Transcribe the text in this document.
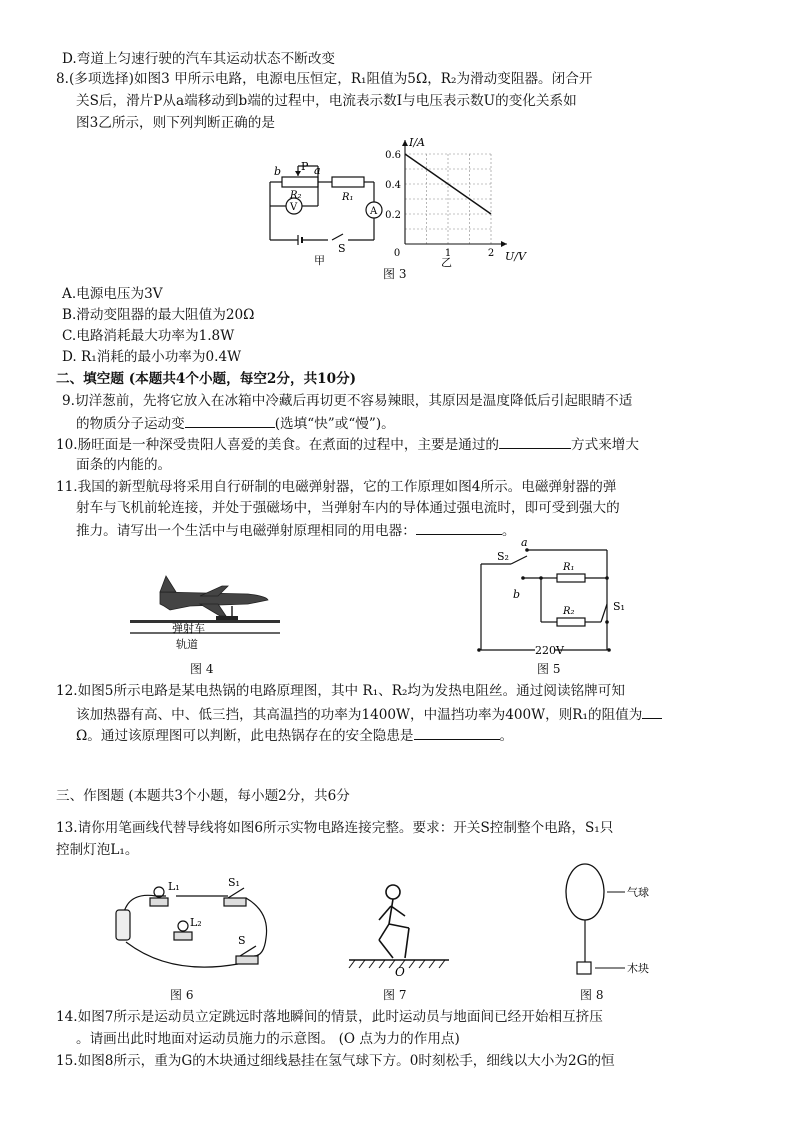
D.弯道上匀速行驶的汽车其运动状态不断改变
8.(多项选择)如图3 甲所示电路，电源电压恒定，R₁阻值为5Ω，R₂为滑动变阻器。闭合开
关S后，滑片P从a端移动到b端的过程中，电流表示数I与电压表示数U的变化关系如
图3乙所示，则下列判断正确的是
P
b	a
R₂	R₁
V	A
S
甲
0.2
0.4
0.6
1	2
0
I/A
U/V
乙
图 3
A.电源电压为3V
B.滑动变阻器的最大阻值为20Ω
C.电路消耗最大功率为1.8W
D. R₁消耗的最小功率为0.4W
二、填空题 (本题共4个小题，每空2分，共10分)
9.切洋葱前，先将它放入在冰箱中冷藏后再切更不容易辣眼，其原因是温度降低后引起眼睛不适
的物质分子运动变	(选填“快”或“慢”)。
10.肠旺面是一种深受贵阳人喜爱的美食。在煮面的过程中，主要是通过的	方式来增大
面条的内能的。
11.我国的新型航母将采用自行研制的电磁弹射器，它的工作原理如图4所示。电磁弹射器的弹
射车与飞机前轮连接，并处于强磁场中，当弹射车内的导体通过强电流时，即可受到强大的
推力。请写出一个生活中与电磁弹射原理相同的用电器：	。
弹射车
轨道
图 4
S₂
a
b
R₁
R₂	S₁
220V
图 5
12.如图5所示电路是某电热锅的电路原理图，其中 R₁、R₂均为发热电阻丝。通过阅读铭牌可知
该加热器有高、中、低三挡，其高温挡的功率为1400W，中温挡功率为400W，则R₁的阻值为
Ω。通过该原理图可以判断，此电热锅存在的安全隐患是	。
三、作图题 (本题共3个小题，每小题2分，共6分
13.请你用笔画线代替导线将如图6所示实物电路连接完整。要求：开关S控制整个电路，S₁只
控制灯泡L₁。
L₁
L₂
S₁
S
图 6
O
图 7
气球
木块
图 8
14.如图7所示是运动员立定跳远时落地瞬间的情景，此时运动员与地面间已经开始相互挤压
。请画出此时地面对运动员施力的示意图。 (O 点为力的作用点)
15.如图8所示，重为G的木块通过细线悬挂在氢气球下方。0时刻松手，细线以大小为2G的恒
